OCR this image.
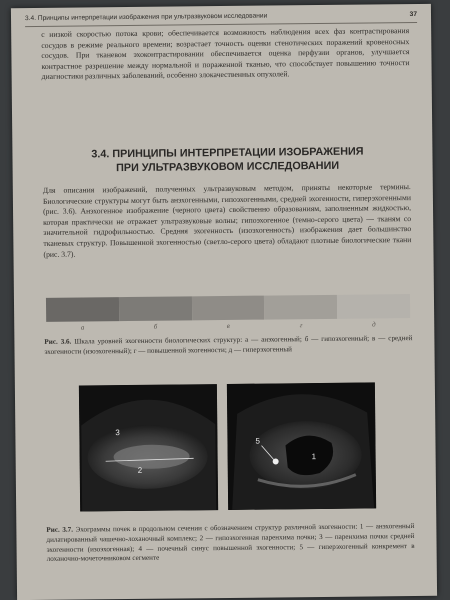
3.4. Принципы интерпретации изображения при ультразвуковом исследовании	37

с низкой скоростью потока крови; обеспечивается возможность наблюдения всех фаз контрастирования сосудов в режиме реального времени; возрастает точность оценки стенотических поражений кровеносных сосудов. При тканевом эхоконтрастировании обеспечивается оценка перфузии органов, улучшается контрастное разрешение между нормальной и пораженной тканью, что способствует повышению точности диагностики различных заболеваний, особенно злокачественных опухолей.

3.4. ПРИНЦИПЫ ИНТЕРПРЕТАЦИИ ИЗОБРАЖЕНИЯ
ПРИ УЛЬТРАЗВУКОВОМ ИССЛЕДОВАНИИ

Для описания изображений, полученных ультразвуковым методом, приняты некоторые термины. Биологические структуры могут быть анэхогенными, гипоэхогенными, средней эхогенности, гиперэхогенными (рис. 3.6). Анэхогенное изображение (черного цвета) свойственно образованиям, заполненным жидкостью, которая практически не отражает ультразвуковые волны; гипоэхогенное (темно-серого цвета) — тканям со значительной гидрофильностью. Средняя эхогенность (изоэхогенность) изображения дает большинство тканевых структур. Повышенной эхогенностью (светло-серого цвета) обладают плотные биологические ткани (рис. 3.7).

а	б	в	г	д

Рис. 3.6. Шкала уровней эхогенности биологических структур: а — анэхогенный; б — гипоэхогенный; в — средней эхогенности (изоэхогенный); г — повышенной эхогенности; д — гиперэхогенный

3
2
5
1

Рис. 3.7. Эхограммы почек в продольном сечении с обозначением структур различной эхогенности: 1 — анэхогенный дилатированный чашечно-лоханочный комплекс; 2 — гипоэхогенная паренхима почки; 3 — паренхима почки средней эхогенности (изоэхогенная); 4 — почечный синус повышенной эхогенности; 5 — гиперэхогенный конкремент в лоханочно-мочеточниковом сегменте
